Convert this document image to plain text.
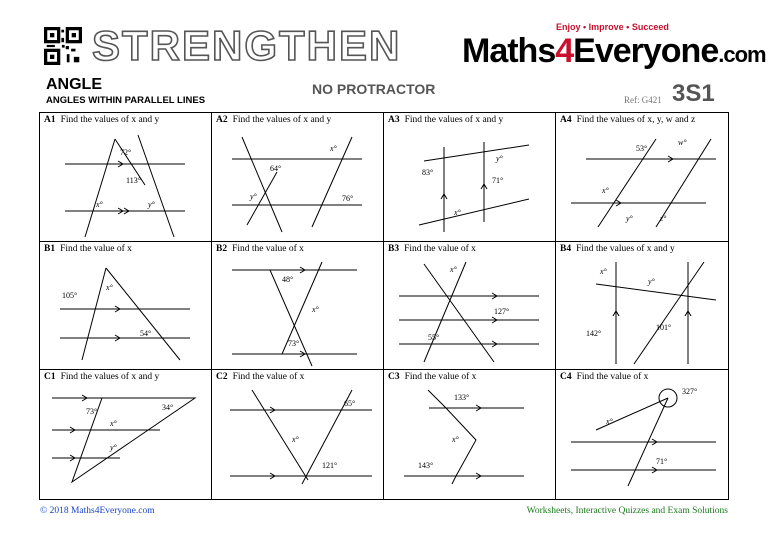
STRENGTHEN	Enjoy • Improve • Succeed
Maths4Everyone.com
ANGLE
ANGLES WITHIN PARALLEL LINES
NO PROTRACTOR
Ref: G421 3S1
A1 Find the values of x and y
72°
113°
x°	y°
A2 Find the values of x and y
x°
64°
y°	76°
A3 Find the values of x and y
y°
83°
71°
x°
A4 Find the values of x, y, w and z
53°
w°
x°
y°	z°
B1 Find the value of x
105°
x°
54°
B2 Find the value of x
48°
x°
73°
B3 Find the value of x
x°
127°
55°
B4 Find the values of x and y
x°
y°
142°
101°
C1 Find the values of x and y
73°	34°
x°
y°
C2 Find the value of x
65°
x°
121°
C3 Find the value of x
133°
x°
143°
C4 Find the value of x
327°
x°
71°
© 2018 Maths4Everyone.com	Worksheets, Interactive Quizzes and Exam Solutions
